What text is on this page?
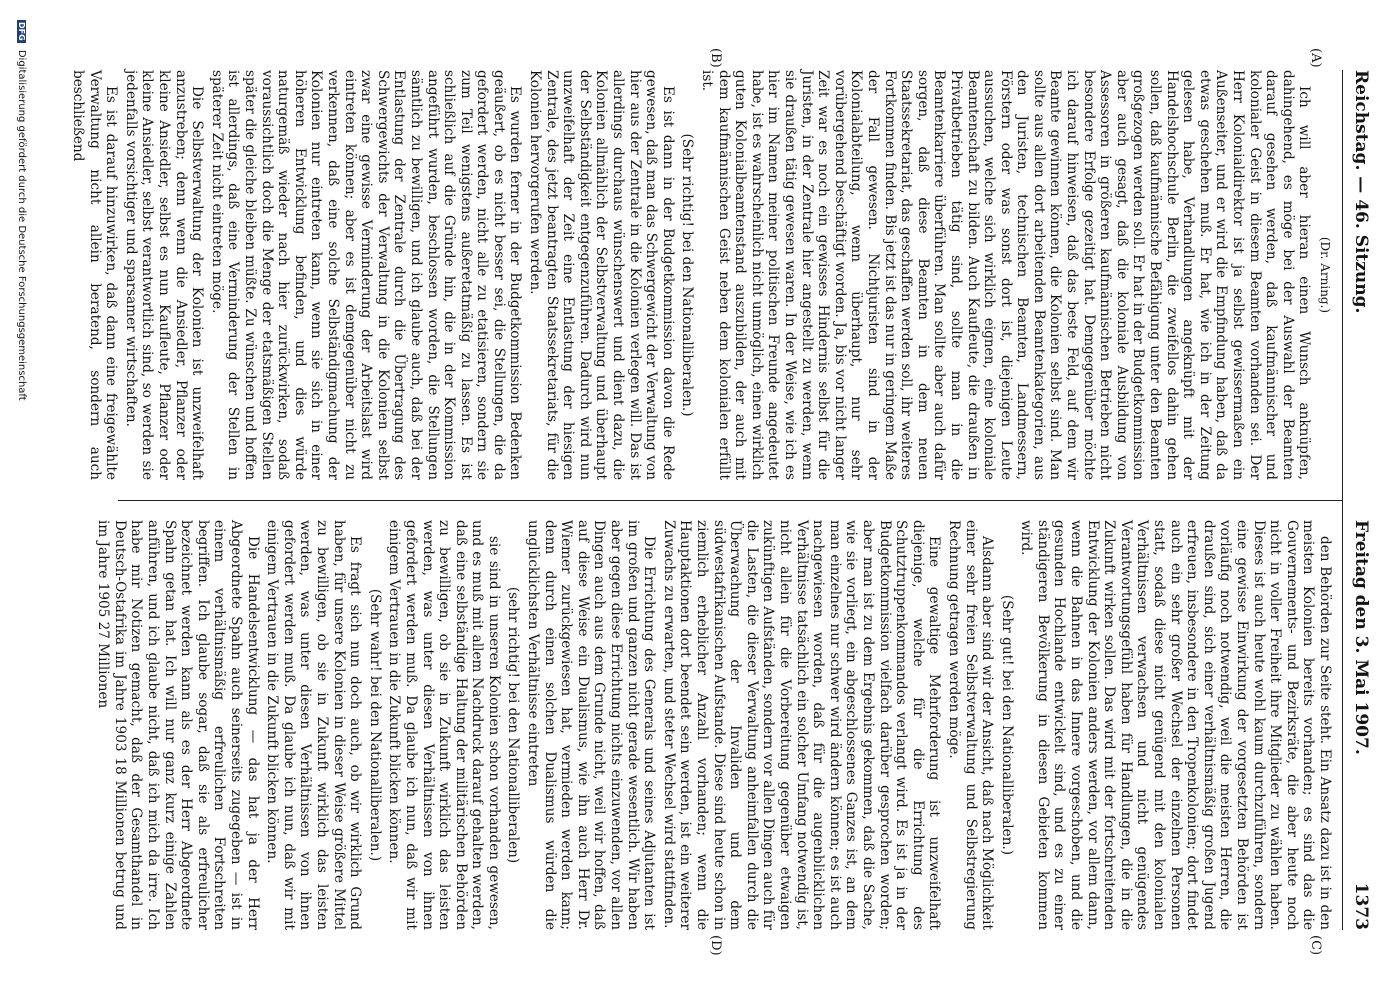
(Dr. Arning.)

Ich will aber hieran einen Wunsch anknüpfen, dahingehend, es möge bei der Auswahl der Beamten darauf gesehen werden, daß kaufmännischer und kolonialer Geist in diesem Beamten vorhanden sei. Der Herr Kolonialdirektor ist ja selbst gewissermaßen ein Außenseiter, und er wird die Empfindung haben, daß da etwas geschehen muß. Er hat, wie ich in der Zeitung gelesen habe, Verhandlungen angeknüpft mit der Handelshochschule Berlin, die zweifellos dahin gehen sollen, daß kaufmännische Befähigung unter den Beamten großgezogen werden soll. Er hat in der Budgetkommission aber auch gesagt, daß die koloniale Ausbildung von Assessoren in größeren kaufmännischen Betrieben nicht besondere Erfolge gezeitigt hat. Demgegenüber möchte ich darauf hinweisen, daß das beste Feld, auf dem wir Beamte gewinnen können, die Kolonien selbst sind. Man sollte aus allen dort arbeitenden Beamtenkategorien, aus den Juristen, technischen Beamten, Landmessern, Förstern oder was sonst dort ist, diejenigen Leute aussuchen, welche sich wirklich eignen, eine koloniale Beamtenschaft zu bilden. Auch Kaufleute, die draußen in Privatbetrieben tätig sind, sollte man in die Beamtenkarriere überführen. Man sollte aber auch dafür sorgen, daß diese Beamten in dem neuen Staatssekretariat, das geschaffen werden soll, ihr weiteres Fortkommen finden. Bis jetzt ist das nur in geringem Maße der Fall gewesen. Nichtjuristen sind in der Kolonialabteilung, wenn überhaupt, nur sehr vorübergehend beschäftigt worden. Ja, bis vor nicht langer Zeit war es noch ein gewisses Hindernis selbst für die Juristen, in der Zentrale hier angestellt zu werden, wenn sie draußen tätig gewesen waren. In der Weise, wie ich es hier im Namen meiner politischen Freunde angedeutet habe, ist es wahrscheinlich nicht unmöglich, einen wirklich guten Kolonialbeamtenstand auszubilden, der auch mit dem kaufmännischen Geist neben dem kolonialen erfüllt ist.

(Sehr richtig! bei den Nationalliberalen.)

Es ist dann in der Budgetkommission davon die Rede gewesen, daß man das Schwergewicht der Verwaltung von hier aus der Zentrale in die Kolonien verlegen will. Das ist allerdings durchaus wünschenswert und dient dazu, die Kolonien allmählich der Selbstverwaltung und überhaupt der Selbständigkeit entgegenzuführen. Dadurch wird nun unzweifelhaft der Zeit eine Entlastung der hiesigen Zentrale, des jetzt beantragten Staatssekretariats, für die Kolonien hervorgerufen werden.

Es wurden ferner in der Budgetkommission Bedenken geäußert, ob es nicht besser sei, die Stellungen, die da gefordert werden, nicht alle zu etatisieren, sondern sie zum Teil wenigstens außeretatmäßig zu lassen. Es ist schließlich auf die Gründe hin, die in der Kommission angeführt wurden, beschlossen worden, die Stellungen sämtlich zu bewilligen, und ich glaube auch, daß bei der Entlastung der Zentrale durch die Übertragung des Schwergewichts der Verwaltung in die Kolonien selbst zwar eine gewisse Verminderung der Arbeitslast wird eintreten können; aber es ist demgegenüber nicht zu verkennen, daß eine solche Selbständigmachung der Kolonien nur eintreten kann, wenn sie sich in einer höheren Entwicklung befinden, und dies würde naturgemäß wieder nach hier zurückwirken, sodaß voraussichtlich doch die Menge der etatsmäßigen Stellen später die gleiche bleiben müßte. Zu wünschen und hoffen ist allerdings, daß eine Verminderung der Stellen in späterer Zeit nicht eintreten möge.

Die Selbstverwaltung der Kolonien ist unzweifelhaft anzustreben; denn wenn die Ansiedler, Pflanzer oder kleine Ansiedler, selbst es nun Kaufleute, Pflanzer oder kleine Ansiedler, selbst verantwortlich sind, so werden sie jedenfalls vorsichtiger und sparsamer wirtschaften.

Es ist darauf hinzuwirken, daß dann eine freigewählte Verwaltung nicht allein beratend, sondern auch beschließend

den Behörden zur Seite steht. Ein Ansatz dazu ist in den meisten Kolonien bereits vorhanden; es sind das die Gouvernements- und Bezirksräte, die aber heute noch nicht in voller Freiheit ihre Mitglieder zu wählen haben. Dieses ist auch heute wohl kaum durchzuführen, sondern eine gewisse Einwirkung der vorgesetzten Behörden ist vorläufig noch notwendig, weil die meisten Herren, die draußen sind, sich einer verhältnismäßig großen Jugend erfreuen, insbesondere in den Tropenkolonien; dort findet auch ein sehr großer Wechsel der einzelnen Personen statt, sodaß diese nicht genügend mit den kolonialen Verhältnissen verwachsen und nicht genügendes Verantwortungsgefühl haben für Handlungen, die in die Zukunft wirken sollen. Das wird mit der fortschreitenden Entwicklung der Kolonien anders werden, vor allem dann, wenn die Bahnen in das Innere vorgeschoben, und die gesunden Hochlande entwickelt sind, und es zu einer ständigeren Bevölkerung in diesen Gebieten kommen wird.

(Sehr gut! bei den Nationalliberalen.)

Alsdann aber sind wir der Ansicht, daß nach Möglichkeit einer sehr freien Selbstverwaltung und Selbstregierung Rechnung getragen werden möge.

Eine gewaltige Mehrforderung ist unzweifelhaft diejenige, welche für die Errichtung des Schutztruppenkommandos verlangt wird. Es ist ja in der Budgetkommission vielfach darüber gesprochen worden; aber man ist zu dem Ergebnis gekommen, daß die Sache, wie sie vorliegt, ein abgeschlossenes Ganzes ist, an dem man einzelnes nur schwer wird ändern können; es ist auch nachgewiesen worden, daß für die augenblicklichen Verhältnisse tatsächlich ein solcher Umfang notwendig ist, nicht allein für die Vorbereitung gegenüber etwaigen zukünftigen Aufständen, sondern vor allen Dingen auch für die Lasten, die dieser Verwaltung anheimfallen durch die Überwachung der Invaliden und dem südwestafrikanischen Aufstande. Diese sind heute schon in ziemlich erheblicher Anzahl vorhanden; wenn die Hauptaktionen dort beendet sein werden, ist ein weiterer Zuwachs zu erwarten, und steter Wechsel wird stattfinden.

Die Errichtung des Generals und seines Adjutanten ist im großen und ganzen nicht gerade wesentlich. Wir haben aber gegen diese Errichtung nichts einzuwenden, vor allen Dingen auch aus dem Grunde nicht, weil wir hoffen, daß auf diese Weise ein Dualismus, wie ihn auch Herr Dr. Wiemer zurückgewiesen hat, vermieden werden kann; denn durch einen solchen Dualismus würden die unglücklichsten Verhältnisse eintreten

(sehr richtig! bei den Nationalliberalen)

sie sind in unseren Kolonien schon vorhanden gewesen, und es muß mit allem Nachdruck darauf gehalten werden, daß eine selbständige Haltung der militärischen Behörden zu bewilligen, ob sie in Zukunft wirklich das leisten werden, was unter diesen Verhältnissen von ihnen gefordert werden muß. Da glaube ich nun, daß wir mit einigem Vertrauen in die Zukunft blicken können.

(Sehr wahr! bei den Nationalliberalen.)

Es fragt sich nun doch auch, ob wir wirklich Grund haben, für unsere Kolonien in dieser Weise größere Mittel zu bewilligen, ob sie in Zukunft wirklich das leisten werden, was unter diesen Verhältnissen von ihnen gefordert werden muß. Da glaube ich nun, daß wir mit einigem Vertrauen in die Zukunft blicken können.

Die Handelsentwicklung — das hat ja der Herr Abgeordnete Spahn auch seinerseits zugegeben — ist in einem verhältnismäßig erfreulichen Fortschreiten begriffen. Ich glaube sogar, daß sie als erfreulicher bezeichnet werden kann als es der Herr Abgeordnete Spahn getan hat. Ich will nur ganz kurz einige Zahlen anführen, und ich glaube nicht, daß ich mich da irre. Ich habe mir Notizen gemacht, daß der Gesamthandel in Deutsch-Ostafrika im Jahre 1903 18 Millionen betrug und im Jahre 1905 27 Millionen

(A)
(B)
(C)
(D)
Reichstag. — 46. Sitzung.
Freitag den 3. Mai 1907.
1373
DFG Digitalisierung gefördert durch die Deutsche Forschungsgemeinschaft
